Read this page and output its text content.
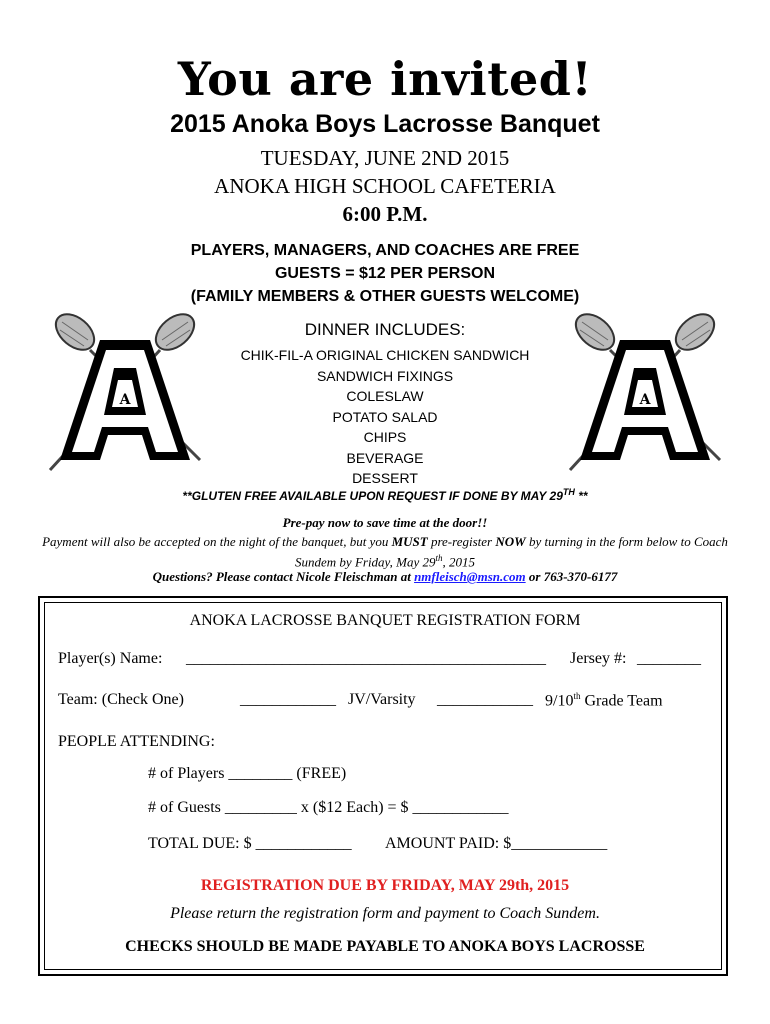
You are invited!
2015 Anoka Boys Lacrosse Banquet
TUESDAY, JUNE 2ND 2015
ANOKA HIGH SCHOOL CAFETERIA
6:00 P.M.
PLAYERS, MANAGERS, AND COACHES ARE FREE
GUESTS = $12 PER PERSON
(FAMILY MEMBERS & OTHER GUESTS WELCOME)
A	A
DINNER INCLUDES:
CHIK-FIL-A ORIGINAL CHICKEN SANDWICH
SANDWICH FIXINGS
COLESLAW
POTATO SALAD
CHIPS
BEVERAGE
DESSERT
**GLUTEN FREE AVAILABLE UPON REQUEST IF DONE BY MAY 29TH **
Pre-pay now to save time at the door!!
Payment will also be accepted on the night of the banquet, but you MUST pre-register NOW by turning in the form below to Coach Sundem by Friday, May 29th, 2015
Questions? Please contact Nicole Fleischman at nmfleisch@msn.com or 763-370-6177
ANOKA LACROSSE BANQUET REGISTRATION FORM
Player(s) Name: _____________________________________________ Jersey #: ________
Team: (Check One)	____________ JV/Varsity ____________ 9/10th Grade Team
PEOPLE ATTENDING:
# of Players ________ (FREE)
# of Guests _________ x ($12 Each) = $ ____________
TOTAL DUE: $ ____________ AMOUNT PAID: $____________
REGISTRATION DUE BY FRIDAY, MAY 29th, 2015
Please return the registration form and payment to Coach Sundem.
CHECKS SHOULD BE MADE PAYABLE TO ANOKA BOYS LACROSSE
